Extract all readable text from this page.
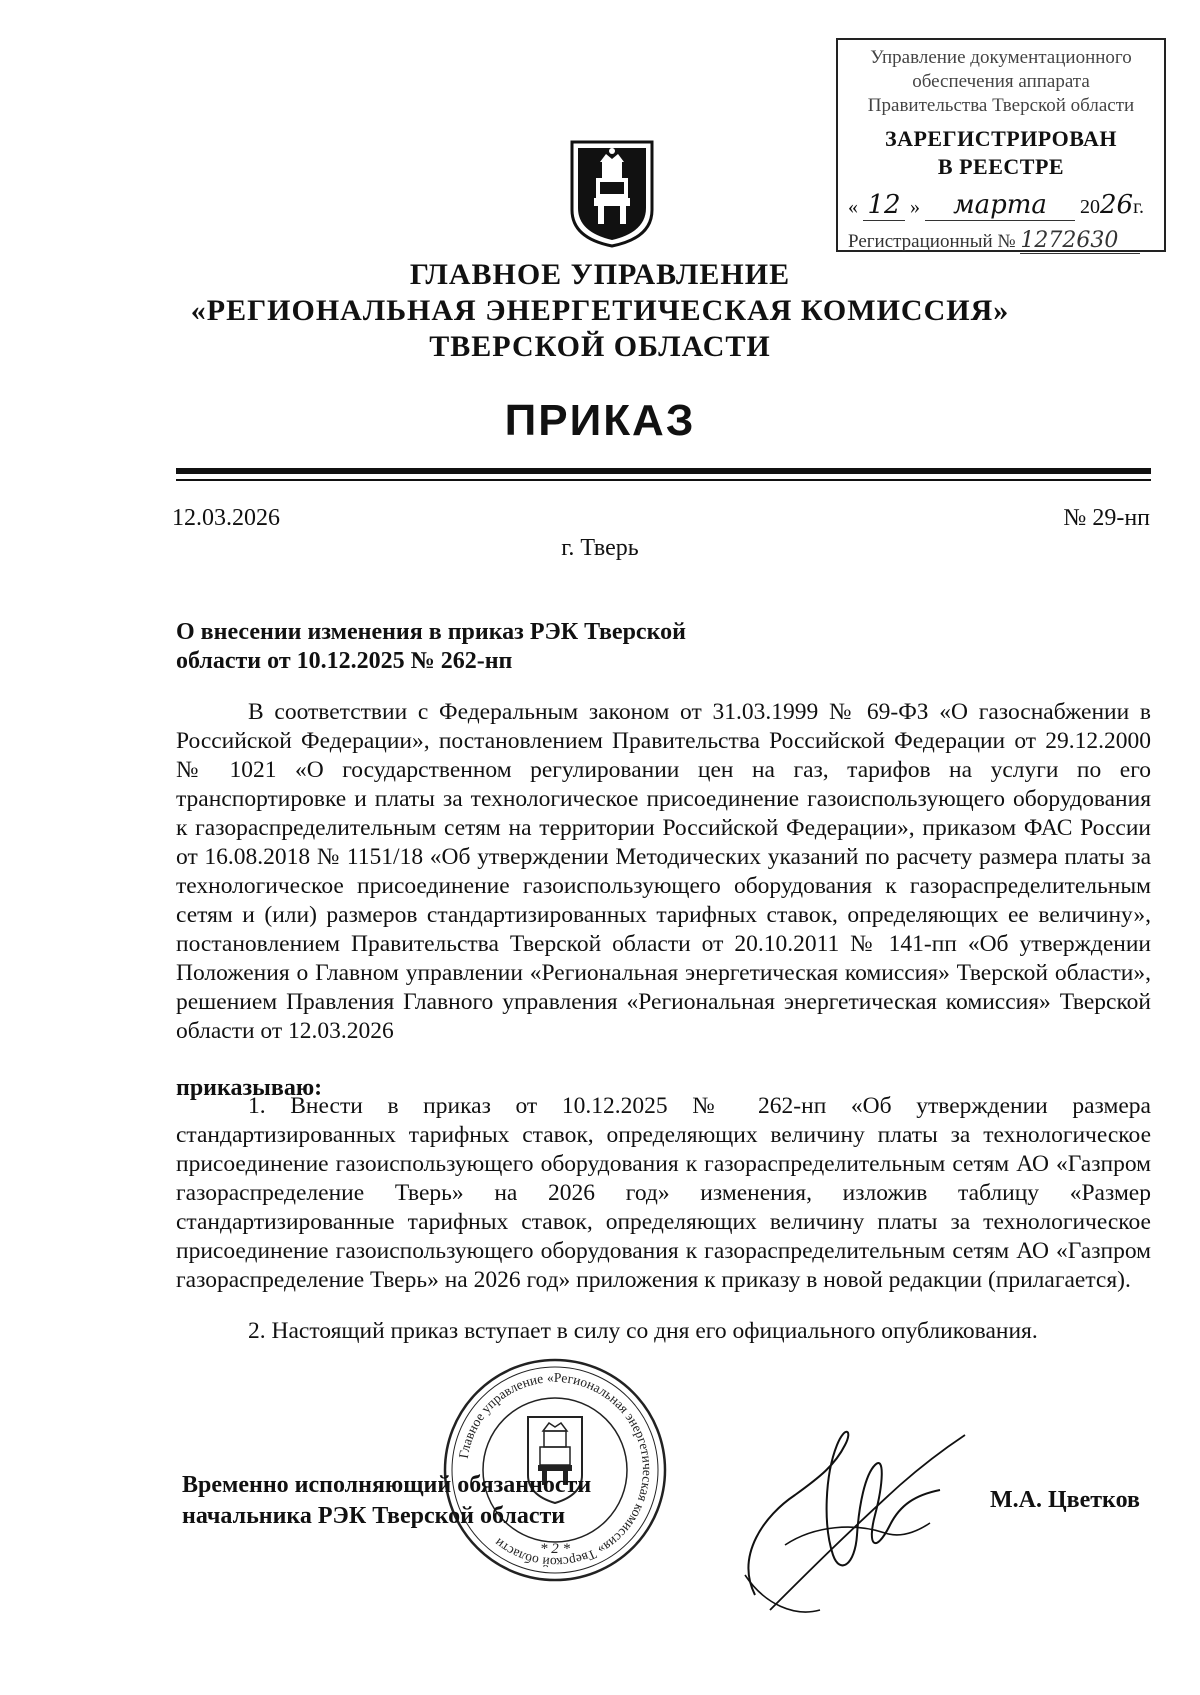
Управление документационного
обеспечения аппарата
Правительства Тверской области
ЗАРЕГИСТРИРОВАН
В РЕЕСТРЕ
« 12 » марта 2026г.
Регистрационный № 1272630
ГЛАВНОЕ УПРАВЛЕНИЕ
«РЕГИОНАЛЬНАЯ ЭНЕРГЕТИЧЕСКАЯ КОМИССИЯ»
ТВЕРСКОЙ ОБЛАСТИ
ПРИКАЗ
12.03.2026	№ 29-нп
г. Тверь
О внесении изменения в приказ РЭК Тверской области от 10.12.2025 № 262-нп
В соответствии с Федеральным законом от 31.03.1999 № 69-ФЗ «О газоснабжении в Российской Федерации», постановлением Правительства Российской Федерации от 29.12.2000 № 1021 «О государственном регулировании цен на газ, тарифов на услуги по его транспортировке и платы за технологическое присоединение газоиспользующего оборудования к газораспределительным сетям на территории Российской Федерации», приказом ФАС России от 16.08.2018 № 1151/18 «Об утверждении Методических указаний по расчету размера платы за технологическое присоединение газоиспользующего оборудования к газораспределительным сетям и (или) размеров стандартизированных тарифных ставок, определяющих ее величину», постановлением Правительства Тверской области от 20.10.2011 № 141-пп «Об утверждении Положения о Главном управлении «Региональная энергетическая комиссия» Тверской области», решением Правления Главного управления «Региональная энергетическая комиссия» Тверской области от 12.03.2026
приказываю:
1. Внести в приказ от 10.12.2025 № 262-нп «Об утверждении размера стандартизированных тарифных ставок, определяющих величину платы за технологическое присоединение газоиспользующего оборудования к газораспределительным сетям АО «Газпром газораспределение Тверь» на 2026 год» изменения, изложив таблицу «Размер стандартизированные тарифных ставок, определяющих величину платы за технологическое присоединение газоиспользующего оборудования к газораспределительным сетям АО «Газпром газораспределение Тверь» на 2026 год» приложения к приказу в новой редакции (прилагается).
2. Настоящий приказ вступает в силу со дня его официального опубликования.
Главное управление «Региональная энергетическая комиссия» Тверской области	* 2 *
Временно исполняющий обязанности
начальника РЭК Тверской области
М.А. Цветков
